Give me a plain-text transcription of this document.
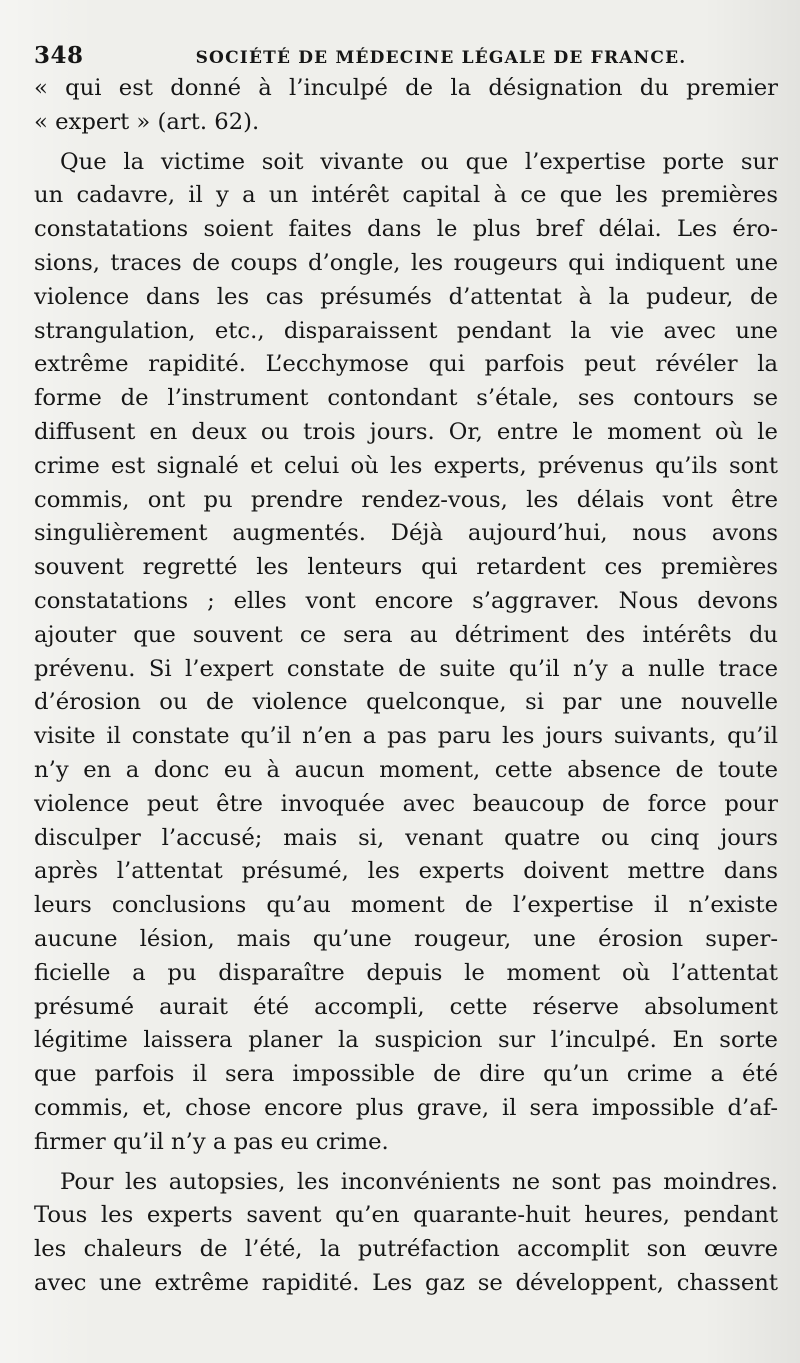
348	SOCIÉTÉ DE MÉDECINE LÉGALE DE FRANCE.
« qui est donné à l’inculpé de la désignation du premier
« expert » (art. 62).
Que la victime soit vivante ou que l’expertise porte sur
un cadavre, il y a un intérêt capital à ce que les premières
constatations soient faites dans le plus bref délai. Les éro-
sions, traces de coups d’ongle, les rougeurs qui indiquent une
violence dans les cas présumés d’attentat à la pudeur, de
strangulation, etc., disparaissent pendant la vie avec une
extrême rapidité. L’ecchymose qui parfois peut révéler la
forme de l’instrument contondant s’étale, ses contours se
diffusent en deux ou trois jours. Or, entre le moment où le
crime est signalé et celui où les experts, prévenus qu’ils sont
commis, ont pu prendre rendez-vous, les délais vont être
singulièrement augmentés. Déjà aujourd’hui, nous avons
souvent regretté les lenteurs qui retardent ces premières
constatations ; elles vont encore s’aggraver. Nous devons
ajouter que souvent ce sera au détriment des intérêts du
prévenu. Si l’expert constate de suite qu’il n’y a nulle trace
d’érosion ou de violence quelconque, si par une nouvelle
visite il constate qu’il n’en a pas paru les jours suivants, qu’il
n’y en a donc eu à aucun moment, cette absence de toute
violence peut être invoquée avec beaucoup de force pour
disculper l’accusé; mais si, venant quatre ou cinq jours
après l’attentat présumé, les experts doivent mettre dans
leurs conclusions qu’au moment de l’expertise il n’existe
aucune lésion, mais qu’une rougeur, une érosion super-
ficielle a pu disparaître depuis le moment où l’attentat
présumé aurait été accompli, cette réserve absolument
légitime laissera planer la suspicion sur l’inculpé. En sorte
que parfois il sera impossible de dire qu’un crime a été
commis, et, chose encore plus grave, il sera impossible d’af-
firmer qu’il n’y a pas eu crime.
Pour les autopsies, les inconvénients ne sont pas moindres.
Tous les experts savent qu’en quarante-huit heures, pendant
les chaleurs de l’été, la putréfaction accomplit son œuvre
avec une extrême rapidité. Les gaz se développent, chassent
